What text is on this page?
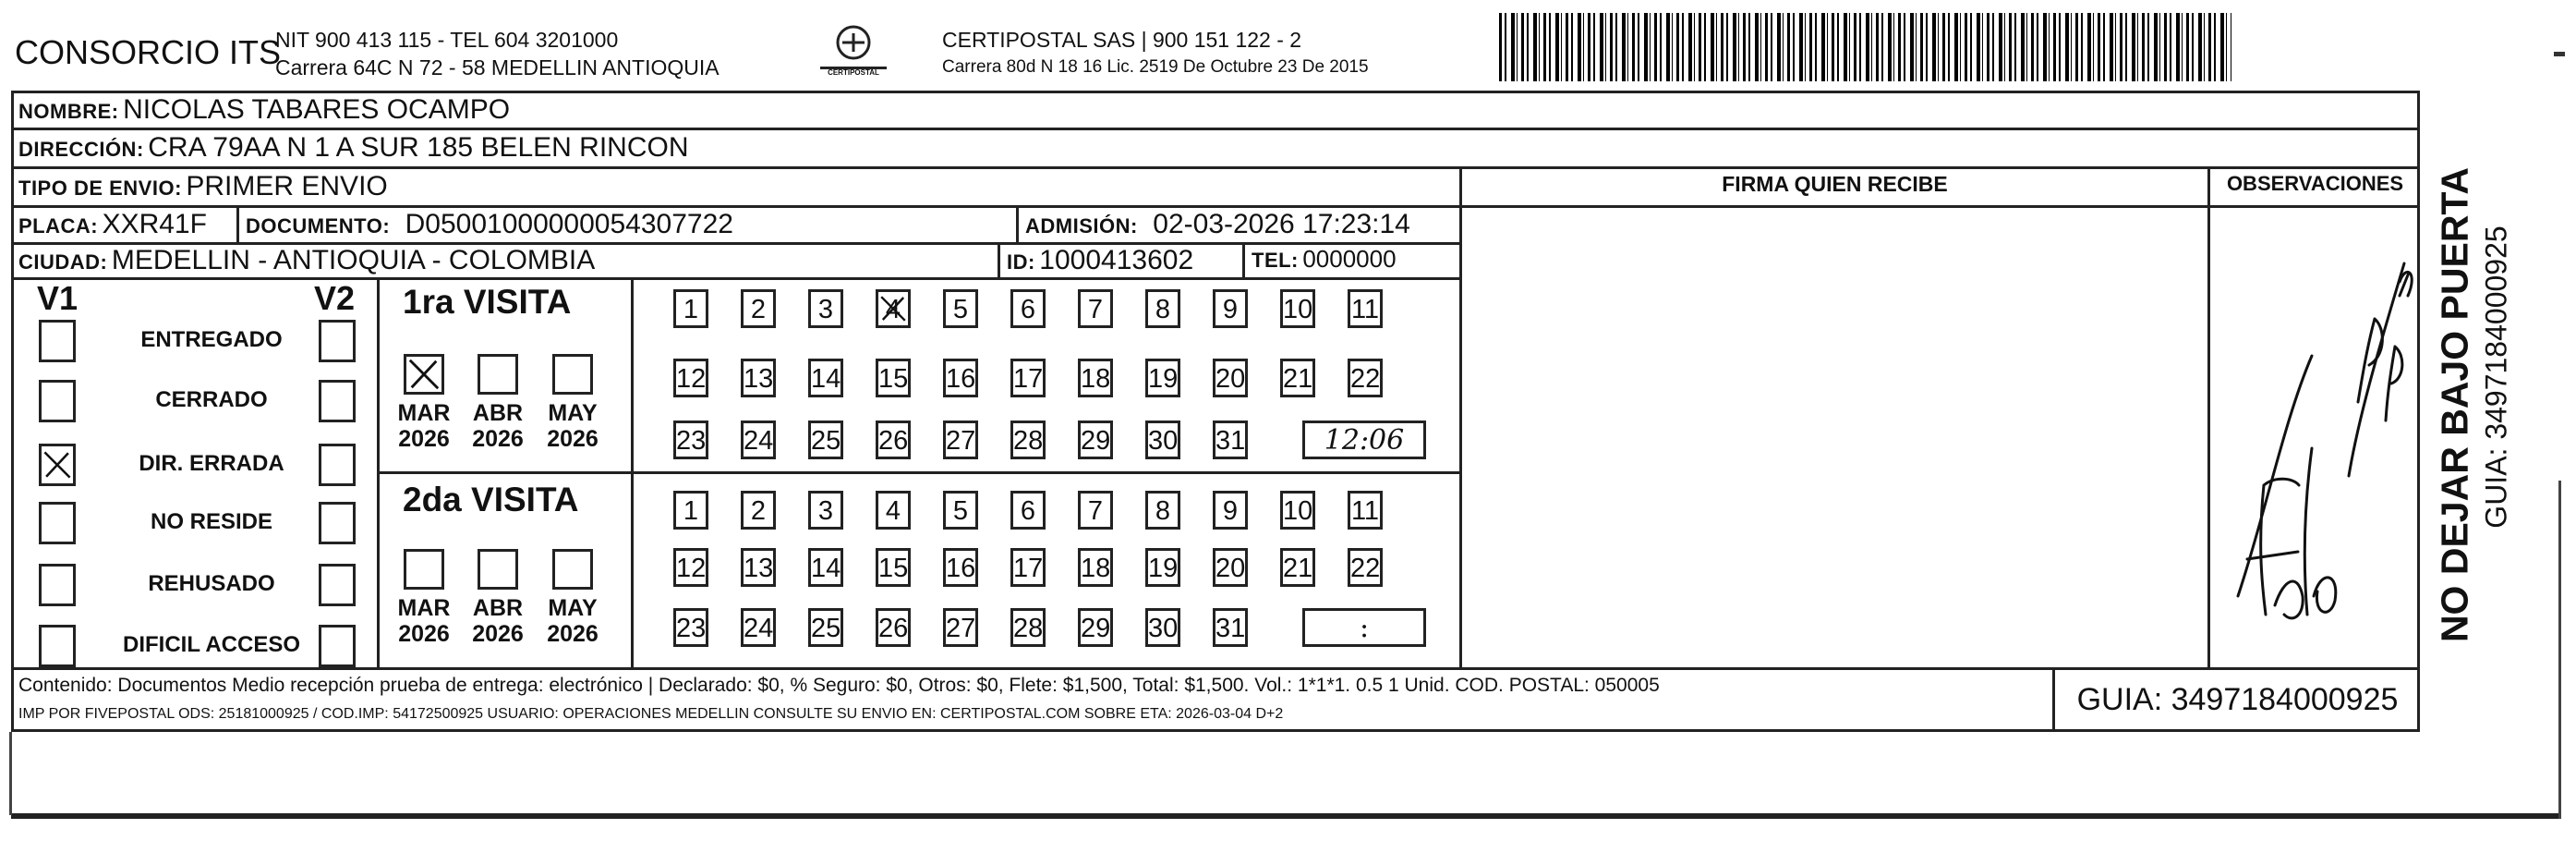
CONSORCIO ITS
NIT 900 413 115 - TEL 604 3201000
Carrera 64C N 72 - 58 MEDELLIN ANTIOQUIA	CERTIPOSTAL
CERTIPOSTAL SAS | 900 151 122 - 2
Carrera 80d N 18 16 Lic. 2519 De Octubre 23 De 2015
NOMBRE: NICOLAS TABARES OCAMPO
DIRECCIÓN: CRA 79AA N 1 A SUR 185 BELEN RINCON
TIPO DE ENVIO: PRIMER ENVIO
PLACA: XXR41F DOCUMENTO: D05001000000054307722	ADMISIÓN: 02-03-2026 17:23:14
CIUDAD: MEDELLIN - ANTIOQUIA - COLOMBIA	ID: 1000413602	TEL: 0000000
FIRMA QUIEN RECIBE	OBSERVACIONES
V1	V2
ENTREGADO
CERRADO
DIR. ERRADA
NO RESIDE
REHUSADO
DIFICIL ACCESO
1ra VISITA
MAR
2026
ABR
2026
MAY
2026
1	2	3	4	5	6	7	8	9	10 11
12 13 14 15 16 17 18 19 20 21 22
23 24 25 26 27 28 29 30 31	12:06
2da VISITA
MAR
2026
ABR
2026
MAY
2026
1	2	3	4	5	6	7	8	9	10 11
12 13 14 15 16 17 18 19 20 21 22
23 24 25 26 27 28 29 30 31	:
Contenido: Documentos Medio recepción prueba de entrega: electrónico | Declarado: $0, % Seguro: $0, Otros: $0, Flete: $1,500, Total: $1,500. Vol.: 1*1*1. 0.5 1 Unid. COD. POSTAL: 050005
IMP POR FIVEPOSTAL ODS: 25181000925 / COD.IMP: 54172500925 USUARIO: OPERACIONES MEDELLIN CONSULTE SU ENVIO EN: CERTIPOSTAL.COM SOBRE ETA: 2026-03-04 D+2	GUIA: 3497184000925
NO DEJAR BAJO PUERTA GUIA: 3497184000925
